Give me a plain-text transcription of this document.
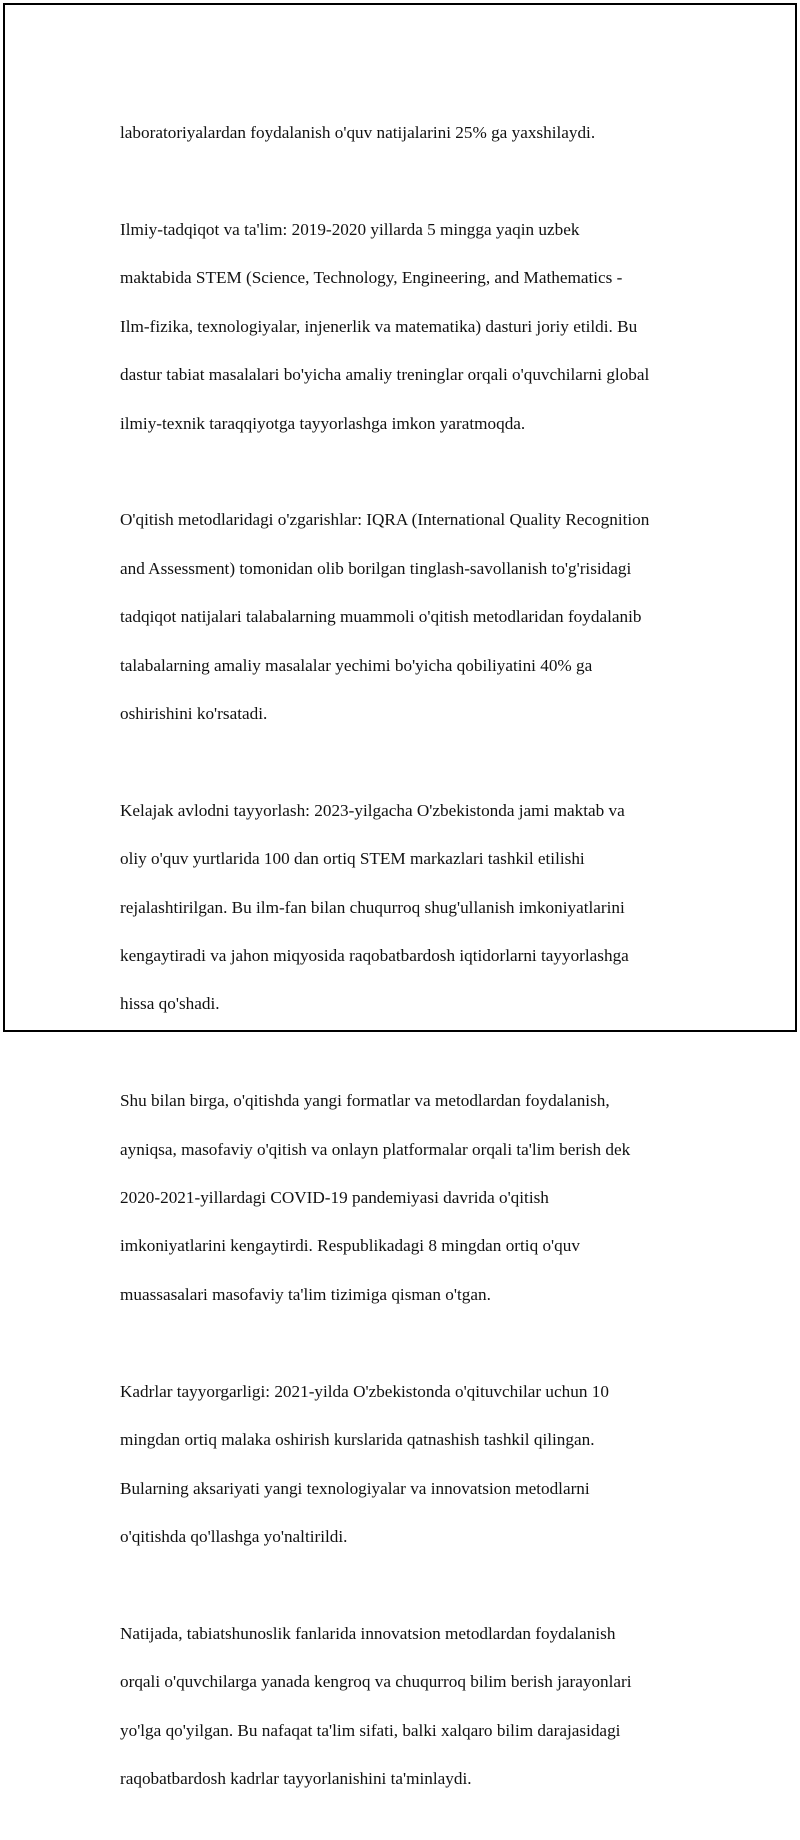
laboratoriyalardan foydalanish o'quv natijalarini 25% ga yaxshilaydi.

Ilmiy-tadqiqot va ta'lim: 2019-2020 yillarda 5 mingga yaqin uzbek

maktabida STEM (Science, Technology, Engineering, and Mathematics -

Ilm-fizika, texnologiyalar, injenerlik va matematika) dasturi joriy etildi. Bu

dastur tabiat masalalari bo'yicha amaliy treninglar orqali o'quvchilarni global

ilmiy-texnik taraqqiyotga tayyorlashga imkon yaratmoqda.

O'qitish metodlaridagi o'zgarishlar: IQRA (International Quality Recognition

and Assessment) tomonidan olib borilgan tinglash-savollanish to'g'risidagi

tadqiqot natijalari talabalarning muammoli o'qitish metodlaridan foydalanib

talabalarning amaliy masalalar yechimi bo'yicha qobiliyatini 40% ga

oshirishini ko'rsatadi.

Kelajak avlodni tayyorlash: 2023-yilgacha O'zbekistonda jami maktab va

oliy o'quv yurtlarida 100 dan ortiq STEM markazlari tashkil etilishi

rejalashtirilgan. Bu ilm-fan bilan chuqurroq shug'ullanish imkoniyatlarini

kengaytiradi va jahon miqyosida raqobatbardosh iqtidorlarni tayyorlashga

hissa qo'shadi.

Shu bilan birga, o'qitishda yangi formatlar va metodlardan foydalanish,

ayniqsa, masofaviy o'qitish va onlayn platformalar orqali ta'lim berish dek

2020-2021-yillardagi COVID-19 pandemiyasi davrida o'qitish

imkoniyatlarini kengaytirdi. Respublikadagi 8 mingdan ortiq o'quv

muassasalari masofaviy ta'lim tizimiga qisman o'tgan.

Kadrlar tayyorgarligi: 2021-yilda O'zbekistonda o'qituvchilar uchun 10

mingdan ortiq malaka oshirish kurslarida qatnashish tashkil qilingan.

Bularning aksariyati yangi texnologiyalar va innovatsion metodlarni

o'qitishda qo'llashga yo'naltirildi.

Natijada, tabiatshunoslik fanlarida innovatsion metodlardan foydalanish

orqali o'quvchilarga yanada kengroq va chuqurroq bilim berish jarayonlari

yo'lga qo'yilgan. Bu nafaqat ta'lim sifati, balki xalqaro bilim darajasidagi

raqobatbardosh kadrlar tayyorlanishini ta'minlaydi.
